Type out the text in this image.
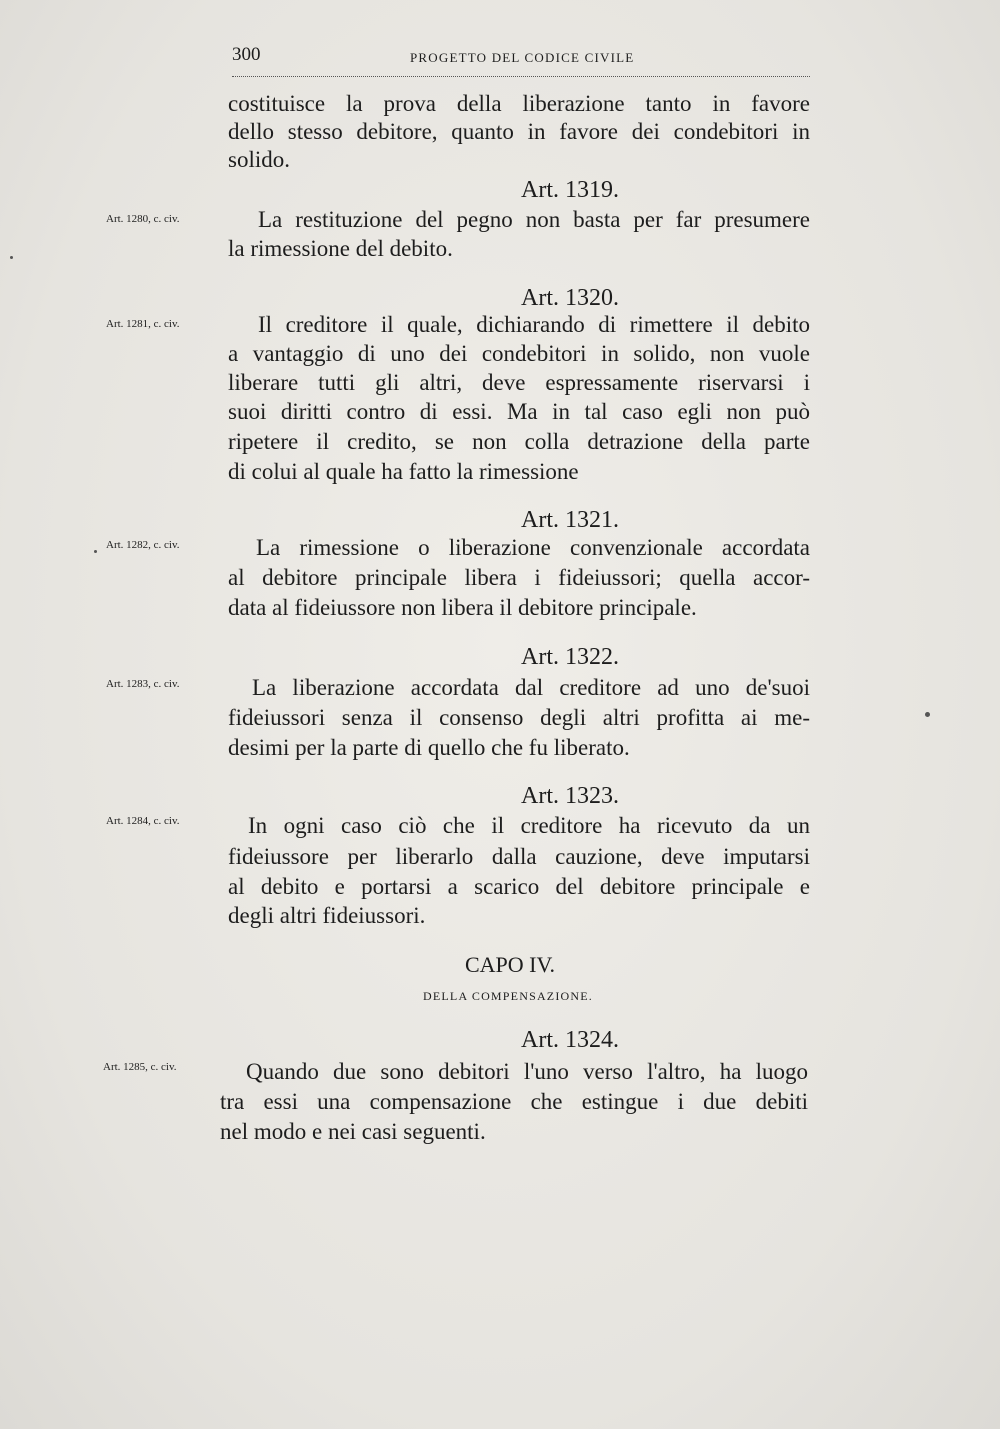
300	PROGETTO DEL CODICE CIVILE
costituisce la prova della liberazione tanto in favore
dello stesso debitore, quanto in favore dei condebitori in
solido.
Art. 1319.
Art. 1280, c. civ.	La restituzione del pegno non basta per far presumere
la rimessione del debito.
Art. 1320.
Art. 1281, c. civ.	Il creditore il quale, dichiarando di rimettere il debito
a vantaggio di uno dei condebitori in solido, non vuole
liberare tutti gli altri, deve espressamente riservarsi i
suoi diritti contro di essi. Ma in tal caso egli non può
ripetere il credito, se non colla detrazione della parte
di colui al quale ha fatto la rimessione
Art. 1321.
Art. 1282, c. civ.	La rimessione o liberazione convenzionale accordata
al debitore principale libera i fideiussori; quella accor-
data al fideiussore non libera il debitore principale.
Art. 1322.
Art. 1283, c. civ.	La liberazione accordata dal creditore ad uno de'suoi
fideiussori senza il consenso degli altri profitta ai me-
desimi per la parte di quello che fu liberato.
Art. 1323.
Art. 1284, c. civ.	In ogni caso ciò che il creditore ha ricevuto da un
fideiussore per liberarlo dalla cauzione, deve imputarsi
al debito e portarsi a scarico del debitore principale e
degli altri fideiussori.
CAPO IV.
DELLA COMPENSAZIONE.
Art. 1324.
Art. 1285, c. civ.	Quando due sono debitori l'uno verso l'altro, ha luogo
tra essi una compensazione che estingue i due debiti
nel modo e nei casi seguenti.
